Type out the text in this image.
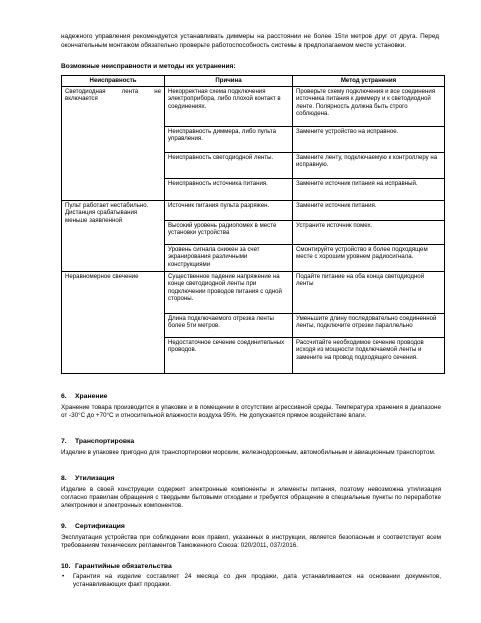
надежного управления рекомендуется устанавливать диммеры на расстоянии не более 15ти метров друг от друга. Перед окончательным монтажом обязательно проверьте работоспособность системы в предполагаемом месте установки.

Возможные неисправности и методы их устранения:
Неисправность	Причина	Метод устранения
Светодиодная лента не включается	Некорректная схема подключения электроприбора, либо плохой контакт в соединениях.	Проверьте схему подключения и все соединения источника питания к диммеру и к светодиодной ленте. Полярность должна быть строго соблюдена.
	Неисправность диммера, либо пульта управления.	Замените устройство на исправное.
	Неисправность светодиодной ленты.	Замените ленту, подключаемую к контроллеру на исправную.
	Неисправность источника питания.	Замените источник питания на исправный.
Пульт работает нестабильно. Дистанция срабатывания меньше заявленной	Источник питания пульта разряжен.	Замените источник питания.
	Высокий уровень радиопомех в месте установки устройства	Устраните источник помех.
	Уровень сигнала снижен за счет экранирования различными конструкциями	Смонтируйте устройство в более подходящем месте с хорошим уровнем радиосигнала.
Неравномерное свечение	Существенное падение напряжение на конце светодиодной ленты при подключении проводов питания с одной стороны.	Подайте питание на оба конца светодиодной ленты
	Длина подключаемого отрезка ленты более 5ти метров.	Уменьшите длину последовательно соединенной ленты, подключите отрезки параллельно
	Недостаточное сечение соединительных проводов.	Рассчитайте необходимое сечение проводов исходя из мощности подключаемой ленты и замените на провод подходящего сечения.
6. Хранение

Хранение товара производится в упаковке и в помещении в отсутствии агрессивной среды. Температура хранения в диапазоне от -30°С до +70°С и относительной влажности воздуха 95%. Не допускается прямое воздействие влаги.

7. Транспортировка

Изделие в упаковке пригодно для транспортировки морским, железнодорожным, автомобильным и авиационным транспортом.

8. Утилизация

Изделие в своей конструкции содержит электронные компоненты и элементы питания, поэтому невозможна утилизация согласно правилам обращения с твердыми бытовыми отходами и требуется обращение в специальные пункты по переработке электроники и электронных компонентов.

9. Сертификация

Эксплуатация устройства при соблюдении всех правил, указанных в инструкции, является безопасным и соответствует всем требованиям технических регламентов Таможенного Союза: 020/2011, 037/2016.

10. Гарантийные обязательства
• Гарантия на изделие составляет 24 месяца со дня продажи, дата устанавливается на основании документов, устанавливающих факт продажи.
